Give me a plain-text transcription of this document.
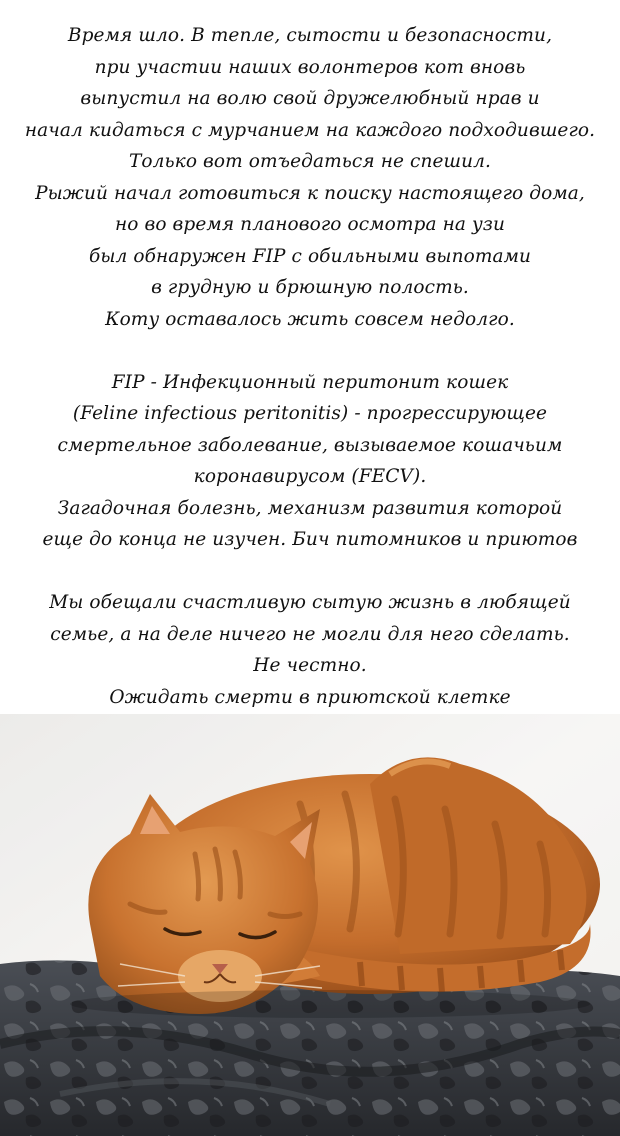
Время шло. В тепле, сытости и безопасности,
при участии наших волонтеров кот вновь
выпустил на волю свой дружелюбный нрав и
начал кидаться с мурчанием на каждого подходившего.
Только вот отъедаться не спешил.
Рыжий начал готовиться к поиску настоящего дома,
но во время планового осмотра на узи
был обнаружен FIP с обильными выпотами
в грудную и брюшную полость.
Коту оставалось жить совсем недолго.

FIP - Инфекционный перитонит кошек
(Feline infectious peritonitis) - прогрессирующее
смертельное заболевание, вызываемое кошачьим
коронавирусом (FECV).
Загадочная болезнь, механизм развития которой
еще до конца не изучен. Бич питомников и приютов

Мы обещали счастливую сытую жизнь в любящей
семье, а на деле ничего не могли для него сделать.
Не честно.
Ожидать смерти в приютской клетке
